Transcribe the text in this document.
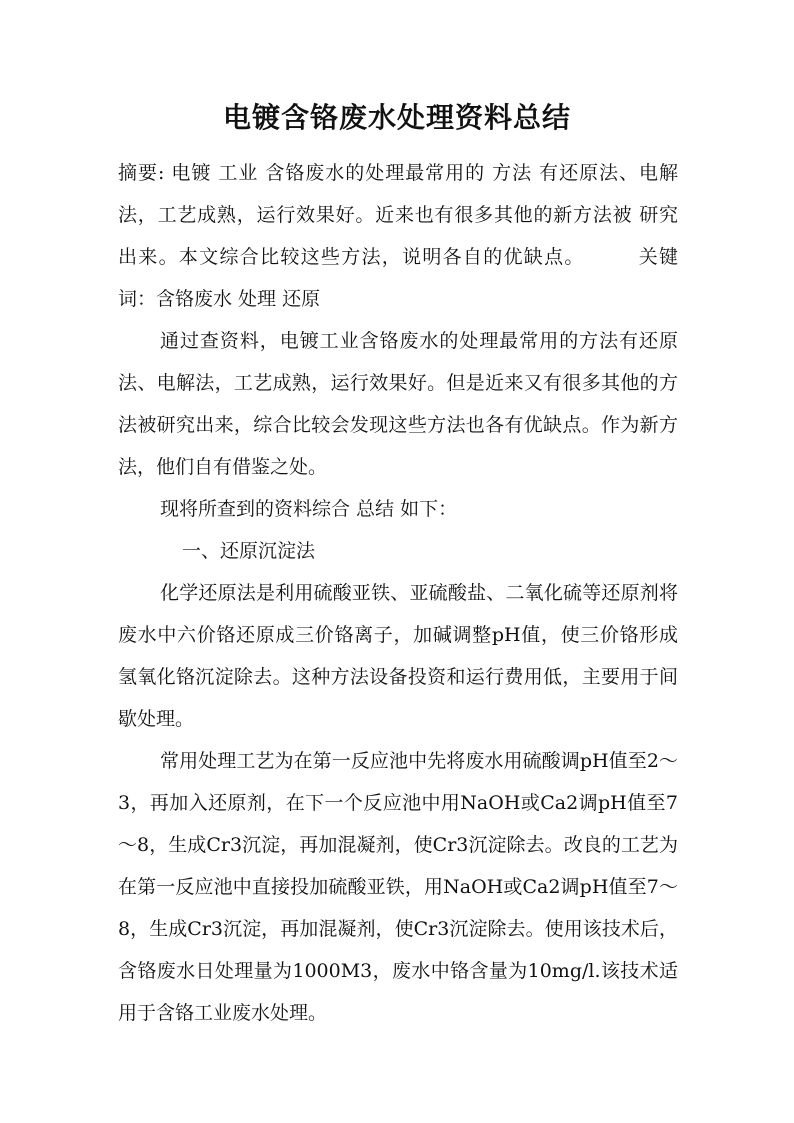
电镀含铬废水处理资料总结

摘要: 电镀 工业 含铬废水的处理最常用的 方法 有还原法、电解法，工艺成熟，运行效果好。近来也有很多其他的新方法被 研究 出来。本文综合比较这些方法，说明各自的优缺点。	关键词：含铬废水 处理 还原

通过查资料，电镀工业含铬废水的处理最常用的方法有还原法、电解法，工艺成熟，运行效果好。但是近来又有很多其他的方法被研究出来，综合比较会发现这些方法也各有优缺点。作为新方法，他们自有借鉴之处。

现将所查到的资料综合 总结 如下：

一、还原沉淀法

化学还原法是利用硫酸亚铁、亚硫酸盐、二氧化硫等还原剂将废水中六价铬还原成三价铬离子，加碱调整pH值，使三价铬形成氢氧化铬沉淀除去。这种方法设备投资和运行费用低，主要用于间歇处理。

常用处理工艺为在第一反应池中先将废水用硫酸调pH值至2～3，再加入还原剂，在下一个反应池中用NaOH或Ca2调pH值至7～8，生成Cr3沉淀，再加混凝剂，使Cr3沉淀除去。改良的工艺为在第一反应池中直接投加硫酸亚铁，用NaOH或Ca2调pH值至7～8，生成Cr3沉淀，再加混凝剂，使Cr3沉淀除去。使用该技术后，含铬废水日处理量为1000M3，废水中铬含量为10mg/l.该技术适用于含铬工业废水处理。
